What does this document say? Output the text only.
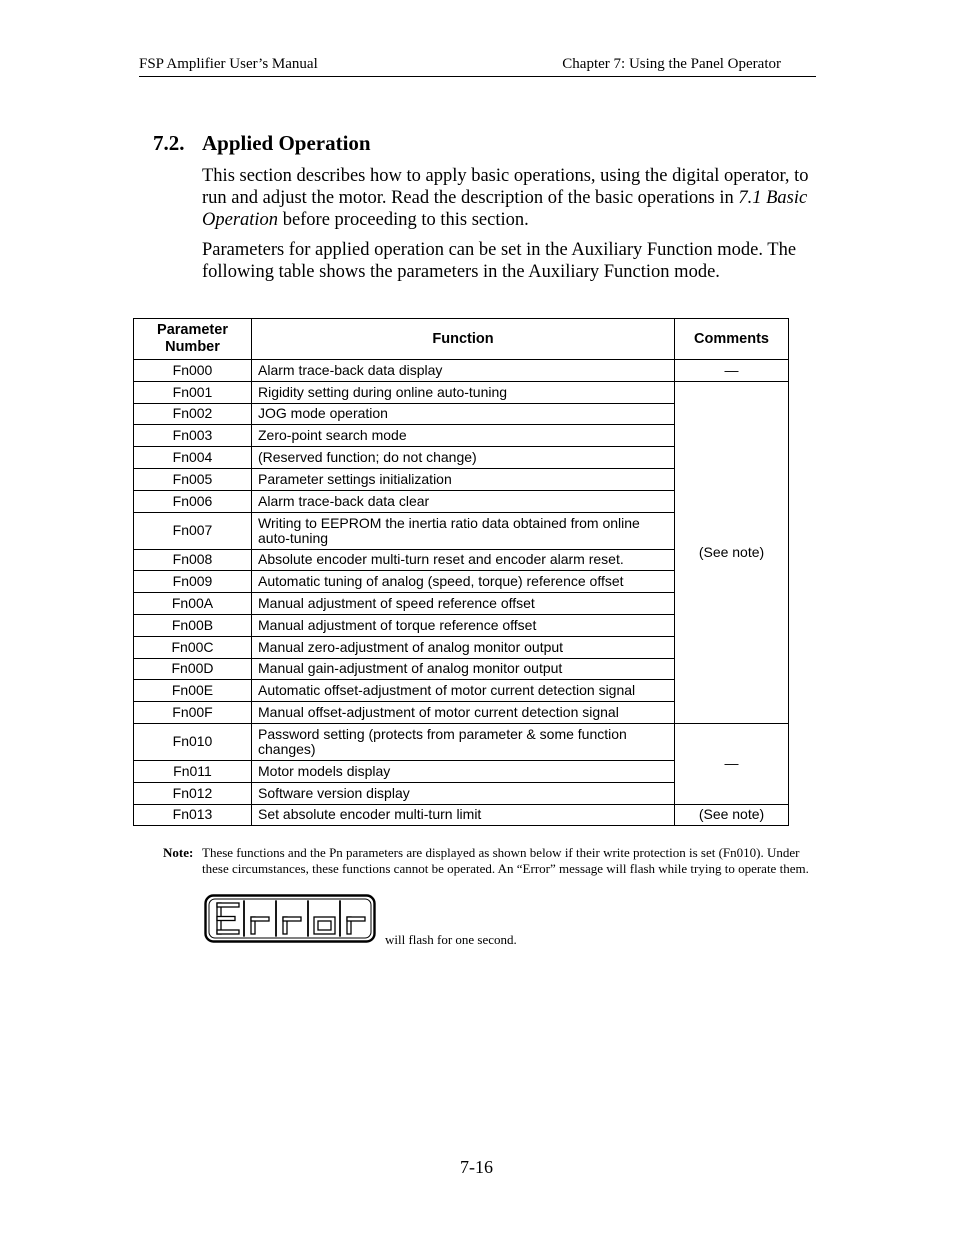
FSP Amplifier User’s Manual	Chapter 7: Using the Panel Operator
7.2. Applied Operation
This section describes how to apply basic operations, using the digital operator, to run and adjust the motor. Read the description of the basic operations in 7.1 Basic Operation before proceeding to this section.
Parameters for applied operation can be set in the Auxiliary Function mode. The following table shows the parameters in the Auxiliary Function mode.
Parameter Number	Function	Comments
Fn000	Alarm trace-back data display	—
Fn001	Rigidity setting during online auto-tuning	(See note)
Fn002	JOG mode operation	
Fn003	Zero-point search mode	
Fn004	(Reserved function; do not change)	
Fn005	Parameter settings initialization	
Fn006	Alarm trace-back data clear	
Fn007	Writing to EEPROM the inertia ratio data obtained from online auto-tuning	
Fn008	Absolute encoder multi-turn reset and encoder alarm reset.	
Fn009	Automatic tuning of analog (speed, torque) reference offset	
Fn00A	Manual adjustment of speed reference offset	
Fn00B	Manual adjustment of torque reference offset	
Fn00C	Manual zero-adjustment of analog monitor output	
Fn00D	Manual gain-adjustment of analog monitor output	
Fn00E	Automatic offset-adjustment of motor current detection signal	
Fn00F	Manual offset-adjustment of motor current detection signal	
Fn010	Password setting (protects from parameter & some function changes)	—
Fn011	Motor models display	
Fn012	Software version display	
Fn013	Set absolute encoder multi-turn limit	(See note)
Note: These functions and the Pn parameters are displayed as shown below if their write protection is set (Fn010). Under these circumstances, these functions cannot be operated. An “Error” message will flash while trying to operate them.
will flash for one second.
7-16
